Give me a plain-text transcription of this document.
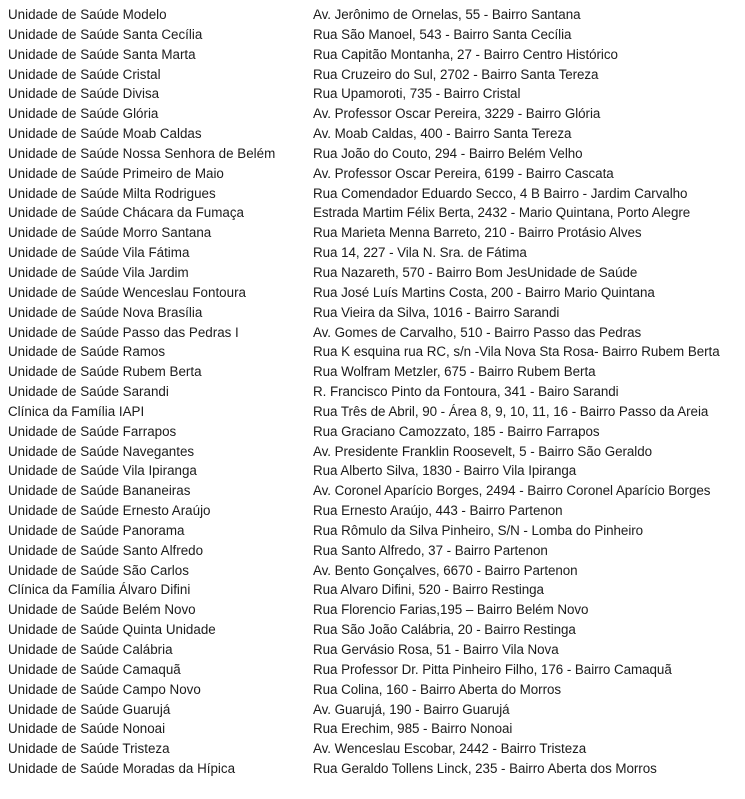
Unidade de Saúde Modelo	Av. Jerônimo de Ornelas, 55 - Bairro Santana
Unidade de Saúde Santa Cecília	Rua São Manoel, 543 - Bairro Santa Cecília
Unidade de Saúde Santa Marta	Rua Capitão Montanha, 27 - Bairro Centro Histórico
Unidade de Saúde Cristal	Rua Cruzeiro do Sul, 2702 - Bairro Santa Tereza
Unidade de Saúde Divisa	Rua Upamoroti, 735 - Bairro Cristal
Unidade de Saúde Glória	Av. Professor Oscar Pereira, 3229 - Bairro Glória
Unidade de Saúde Moab Caldas	Av. Moab Caldas, 400 - Bairro Santa Tereza
Unidade de Saúde Nossa Senhora de Belém	Rua João do Couto, 294 - Bairro Belém Velho
Unidade de Saúde Primeiro de Maio	Av. Professor Oscar Pereira, 6199 - Bairro Cascata
Unidade de Saúde Milta Rodrigues	Rua Comendador Eduardo Secco, 4 B Bairro - Jardim Carvalho
Unidade de Saúde Chácara da Fumaça	Estrada Martim Félix Berta, 2432 - Mario Quintana, Porto Alegre
Unidade de Saúde Morro Santana	Rua Marieta Menna Barreto, 210 - Bairro Protásio Alves
Unidade de Saúde Vila Fátima	Rua 14, 227 - Vila N. Sra. de Fátima
Unidade de Saúde Vila Jardim	Rua Nazareth, 570 - Bairro Bom JesUnidade de Saúde
Unidade de Saúde Wenceslau Fontoura	Rua José Luís Martins Costa, 200 - Bairro Mario Quintana
Unidade de Saúde Nova Brasília	Rua Vieira da Silva, 1016 - Bairro Sarandi
Unidade de Saúde Passo das Pedras I	Av. Gomes de Carvalho, 510 - Bairro Passo das Pedras
Unidade de Saúde Ramos	Rua K esquina rua RC, s/n -Vila Nova Sta Rosa- Bairro Rubem Berta
Unidade de Saúde Rubem Berta	Rua Wolfram Metzler, 675 - Bairro Rubem Berta
Unidade de Saúde Sarandi	R. Francisco Pinto da Fontoura, 341 - Bairo Sarandi
Clínica da Família IAPI	Rua Três de Abril, 90 - Área 8, 9, 10, 11, 16 - Bairro Passo da Areia
Unidade de Saúde Farrapos	Rua Graciano Camozzato, 185 - Bairro Farrapos
Unidade de Saúde Navegantes	Av. Presidente Franklin Roosevelt, 5 - Bairro São Geraldo
Unidade de Saúde Vila Ipiranga	Rua Alberto Silva, 1830 - Bairro Vila Ipiranga
Unidade de Saúde Bananeiras	Av. Coronel Aparício Borges, 2494 - Bairro Coronel Aparício Borges
Unidade de Saúde Ernesto Araújo	Rua Ernesto Araújo, 443 - Bairro Partenon
Unidade de Saúde Panorama	Rua Rômulo da Silva Pinheiro, S/N - Lomba do Pinheiro
Unidade de Saúde Santo Alfredo	Rua Santo Alfredo, 37 - Bairro Partenon
Unidade de Saúde São Carlos	Av. Bento Gonçalves, 6670 - Bairro Partenon
Clínica da Família Álvaro Difini	Rua Alvaro Difini, 520 - Bairro Restinga
Unidade de Saúde Belém Novo	Rua Florencio Farias,195 – Bairro Belém Novo
Unidade de Saúde Quinta Unidade	Rua São João Calábria, 20 - Bairro Restinga
Unidade de Saúde Calábria	Rua Gervásio Rosa, 51 - Bairro Vila Nova
Unidade de Saúde Camaquã	Rua Professor Dr. Pitta Pinheiro Filho, 176 - Bairro Camaquã
Unidade de Saúde Campo Novo	Rua Colina, 160 - Bairro Aberta do Morros
Unidade de Saúde Guarujá	Av. Guarujá, 190 - Bairro Guarujá
Unidade de Saúde Nonoai	Rua Erechim, 985 - Bairro Nonoai
Unidade de Saúde Tristeza	Av. Wenceslau Escobar, 2442 - Bairro Tristeza
Unidade de Saúde Moradas da Hípica	Rua Geraldo Tollens Linck, 235 - Bairro Aberta dos Morros
